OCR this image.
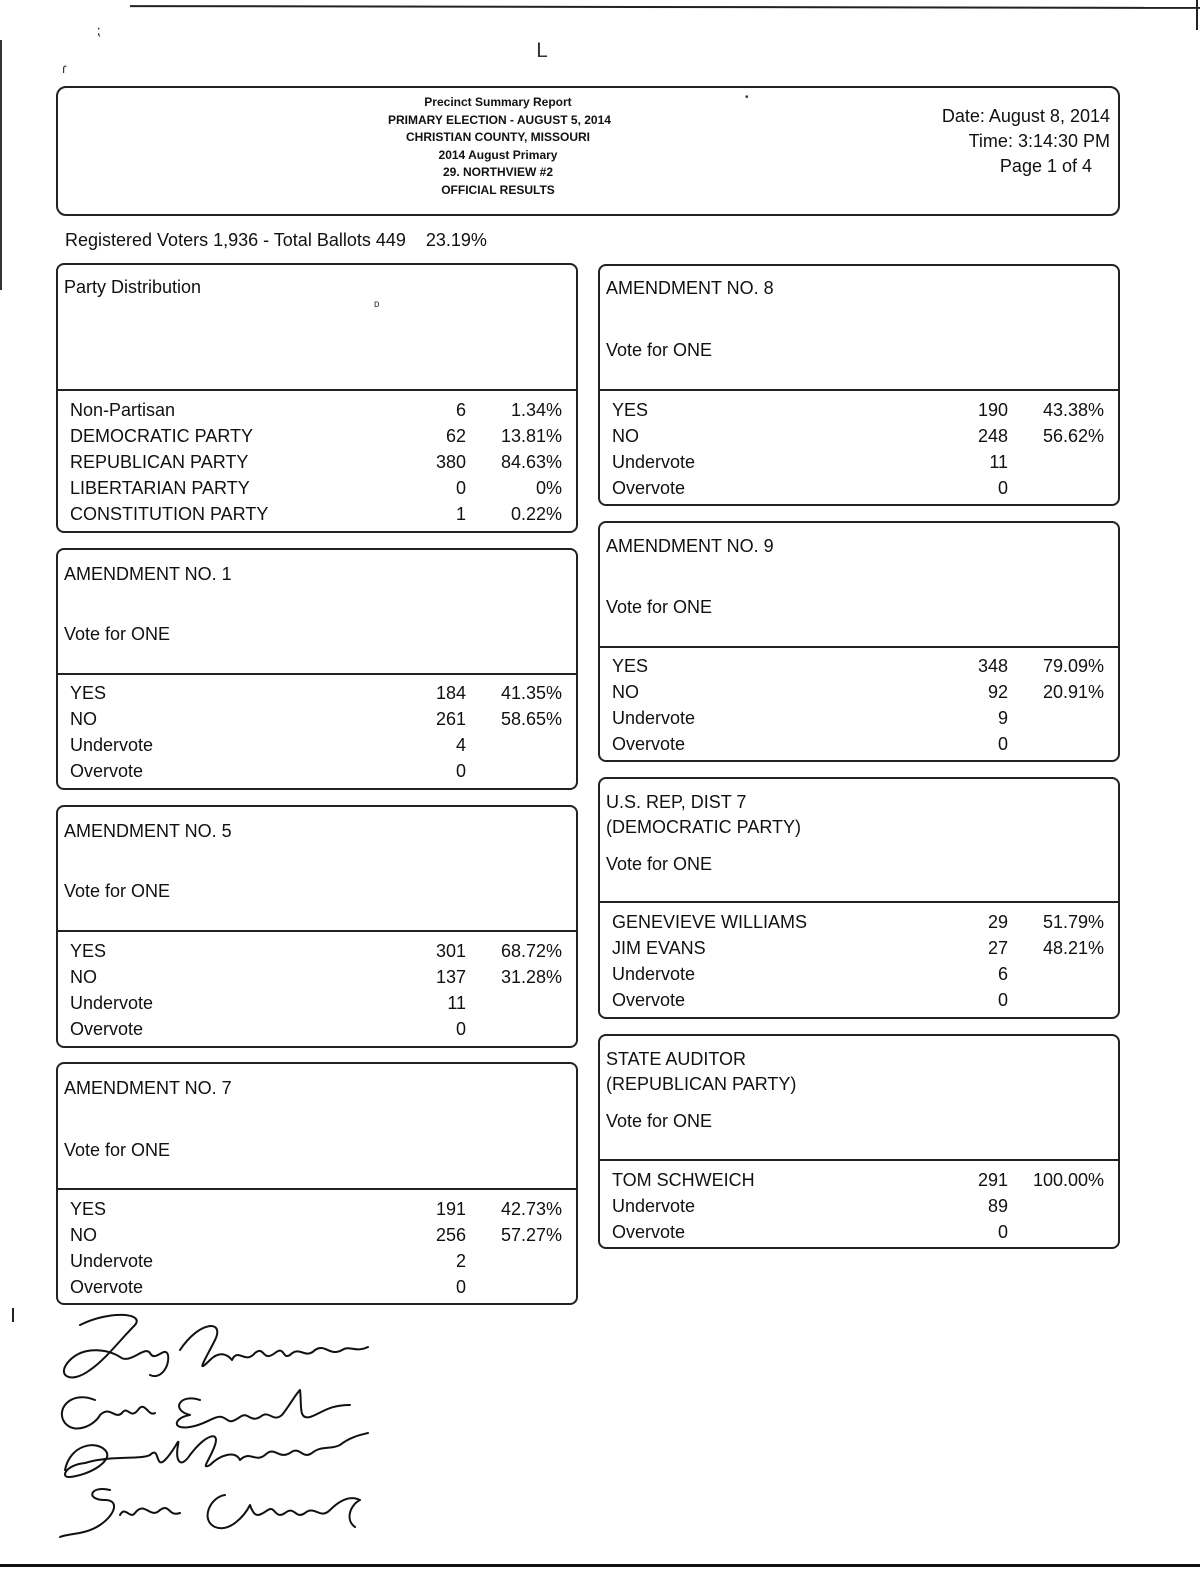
⁏
ᒪ
ɾ
•
Precinct Summary Report
PRIMARY ELECTION - AUGUST 5, 2014
CHRISTIAN COUNTY, MISSOURI
2014 August Primary
29. NORTHVIEW #2
OFFICIAL RESULTS
Date: August 8, 2014
Time: 3:14:30 PM
Page 1 of 4
Registered Voters 1,936 - Total Ballots 449 23.19%
Party Distribution
ᴅ
Non-Partisan	6 1.34%
DEMOCRATIC PARTY	62 13.81%
REPUBLICAN PARTY	380 84.63%
LIBERTARIAN PARTY	0	0%
CONSTITUTION PARTY	1 0.22%
AMENDMENT NO. 1
Vote for ONE
YES	184 41.35%
NO	261 58.65%
Undervote	4
Overvote	0
AMENDMENT NO. 5
Vote for ONE
YES	301 68.72%
NO	137 31.28%
Undervote	11
Overvote	0
AMENDMENT NO. 7
Vote for ONE
YES	191 42.73%
NO	256 57.27%
Undervote	2
Overvote	0
AMENDMENT NO. 8
Vote for ONE
YES	190 43.38%
NO	248 56.62%
Undervote	11
Overvote	0
AMENDMENT NO. 9
Vote for ONE
YES	348 79.09%
NO	92 20.91%
Undervote	9
Overvote	0
U.S. REP, DIST 7
(DEMOCRATIC PARTY)
Vote for ONE
GENEVIEVE WILLIAMS	29 51.79%
JIM EVANS	27 48.21%
Undervote	6
Overvote	0
STATE AUDITOR
(REPUBLICAN PARTY)
Vote for ONE
TOM SCHWEICH	291 100.00%
Undervote	89
Overvote	0
